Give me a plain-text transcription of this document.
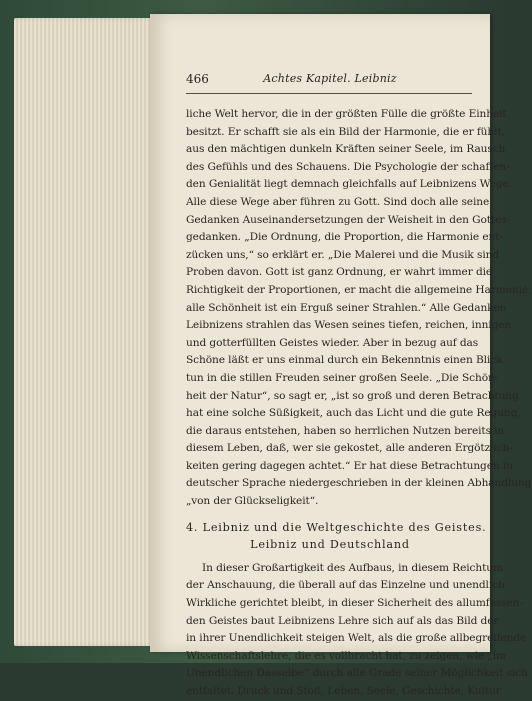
466	Achtes Kapitel. Leibniz
liche Welt hervor, die in der größten Fülle die größte Einheit
besitzt. Er schafft sie als ein Bild der Harmonie, die er fühlt,
aus den mächtigen dunkeln Kräften seiner Seele, im Rausch
des Gefühls und des Schauens. Die Psychologie der schaffen-
den Genialität liegt demnach gleichfalls auf Leibnizens Wege.
Alle diese Wege aber führen zu Gott. Sind doch alle seine
Gedanken Auseinandersetzungen der Weisheit in den Gottes-
gedanken. „Die Ordnung, die Proportion, die Harmonie ent-
zücken uns,“ so erklärt er. „Die Malerei und die Musik sind
Proben davon. Gott ist ganz Ordnung, er wahrt immer die
Richtigkeit der Proportionen, er macht die allgemeine Harmonie;
alle Schönheit ist ein Erguß seiner Strahlen.“ Alle Gedanken
Leibnizens strahlen das Wesen seines tiefen, reichen, innigen
und gotterfüllten Geistes wieder. Aber in bezug auf das
Schöne läßt er uns einmal durch ein Bekenntnis einen Blick
tun in die stillen Freuden seiner großen Seele. „Die Schön-
heit der Natur“, so sagt er, „ist so groß und deren Betrachtung
hat eine solche Süßigkeit, auch das Licht und die gute Regung,
die daraus entstehen, haben so herrlichen Nutzen bereits in
diesem Leben, daß, wer sie gekostet, alle anderen Ergötzlich-
keiten gering dagegen achtet.“ Er hat diese Betrachtungen in
deutscher Sprache niedergeschrieben in der kleinen Abhandlung
„von der Glückseligkeit“.
4. Leibniz und die Weltgeschichte des Geistes.
Leibniz und Deutschland
In dieser Großartigkeit des Aufbaus, in diesem Reichtum
der Anschauung, die überall auf das Einzelne und unendlich
Wirkliche gerichtet bleibt, in dieser Sicherheit des allumfassen-
den Geistes baut Leibnizens Lehre sich auf als das Bild der
in ihrer Unendlichkeit steigen Welt, als die große allbegreifende
Wissenschaftslehre, die es vollbracht hat, zu zeigen, wie „im
Unendlichen Dasselbe“ durch alle Grade seiner Möglichkeit sich
entfaltet. Druck und Stoß, Leben, Seele, Geschichte, Kultur
